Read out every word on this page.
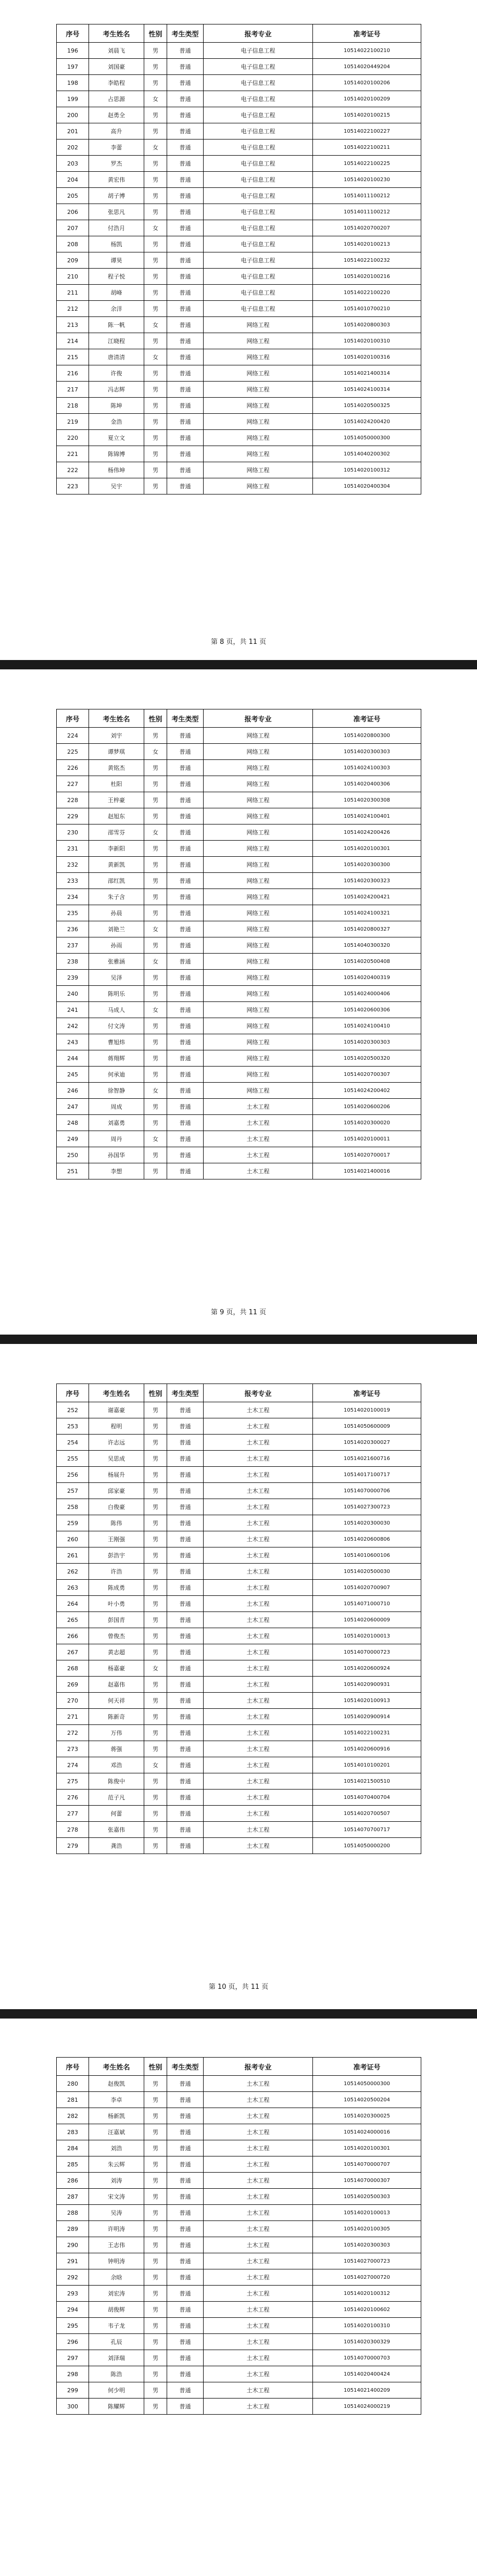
序号	考生姓名	性别	考生类型	报考专业	准考证号
196	刘晨飞	男	普通	电子信息工程	10514022100210
197	刘国豪	男	普通	电子信息工程	10514020449204
198	李皓程	男	普通	电子信息工程	10514020100206
199	占思源	女	普通	电子信息工程	10514020100209
200	赵勇全	男	普通	电子信息工程	10514020100215
201	高升	男	普通	电子信息工程	10514022100227
202	李蕾	女	普通	电子信息工程	10514022100211
203	罗杰	男	普通	电子信息工程	10514022100225
204	黄宏伟	男	普通	电子信息工程	10514020100230
205	胡子博	男	普通	电子信息工程	10514011100212
206	张思凡	男	普通	电子信息工程	10514011100212
207	付浩月	女	普通	电子信息工程	10514020700207
208	杨凯	男	普通	电子信息工程	10514020100213
209	谭昊	男	普通	电子信息工程	10514022100232
210	程子悦	男	普通	电子信息工程	10514020100216
211	胡峰	男	普通	电子信息工程	10514022100220
212	余洋	男	普通	电子信息工程	10514010700210
213	陈一帆	女	普通	网络工程	10514020800303
214	江晓程	男	普通	网络工程	10514020100310
215	唐清清	女	普通	网络工程	10514020100316
216	许俊	男	普通	网络工程	10514021400314
217	冯志辉	男	普通	网络工程	10514024100314
218	陈坤	男	普通	网络工程	10514020500325
219	金浩	男	普通	网络工程	10514024200420
220	夏立文	男	普通	网络工程	10514050000300
221	陈锦博	男	普通	网络工程	10514040200302
222	杨伟坤	男	普通	网络工程	10514020100312
223	吴宇	男	普通	网络工程	10514020400304
第 8 页，共 11 页
序号	考生姓名	性别	考生类型	报考专业	准考证号
224	刘宇	男	普通	网络工程	10514020800300
225	谭梦琪	女	普通	网络工程	10514020300303
226	黄铭杰	男	普通	网络工程	10514024100303
227	杜阳	男	普通	网络工程	10514020400306
228	王梓豪	男	普通	网络工程	10514020300308
229	赵旭东	男	普通	网络工程	10514024100401
230	邵雪芬	女	普通	网络工程	10514024200426
231	李新阳	男	普通	网络工程	10514020100301
232	黄新凯	男	普通	网络工程	10514020300300
233	邵红凯	男	普通	网络工程	10514020300323
234	朱子含	男	普通	网络工程	10514024200421
235	孙晨	男	普通	网络工程	10514024100321
236	刘艳兰	女	普通	网络工程	10514020800327
237	孙雨	男	普通	网络工程	10514040300320
238	张雅涵	女	普通	网络工程	10514020500408
239	吴泽	男	普通	网络工程	10514020400319
240	陈明乐	男	普通	网络工程	10514024000406
241	马成人	女	普通	网络工程	10514020600306
242	付文涛	男	普通	网络工程	10514024100410
243	曹旭炜	男	普通	网络工程	10514020300303
244	蒋翔辉	男	普通	网络工程	10514020500320
245	何承迪	男	普通	网络工程	10514020700307
246	徐智静	女	普通	网络工程	10514024200402
247	周成	男	普通	土木工程	10514020600206
248	刘嘉勇	男	普通	土木工程	10514020300020
249	周丹	女	普通	土木工程	10514020100011
250	孙国华	男	普通	土木工程	10514020700017
251	李想	男	普通	土木工程	10514021400016
第 9 页，共 11 页
序号	考生姓名	性别	考生类型	报考专业	准考证号
252	谢嘉豪	男	普通	土木工程	10514020100019
253	程明	男	普通	土木工程	10514050600009
254	许志远	男	普通	土木工程	10514020300027
255	吴思成	男	普通	土木工程	10514021600716
256	杨展升	男	普通	土木工程	10514017100717
257	邱家豪	男	普通	土木工程	10514070000706
258	白俊豪	男	普通	土木工程	10514027300723
259	陈伟	男	普通	土木工程	10514020300030
260	王刚强	男	普通	土木工程	10514020600806
261	彭浩宇	男	普通	土木工程	10514010600106
262	许浩	男	普通	土木工程	10514020500030
263	陈成勇	男	普通	土木工程	10514020700907
264	叶小勇	男	普通	土木工程	10514071000710
265	彭国青	男	普通	土木工程	10514020600009
266	曾俊杰	男	普通	土木工程	10514020100013
267	黄志超	男	普通	土木工程	10514070000723
268	杨嘉豪	女	普通	土木工程	10514020600924
269	赵嘉伟	男	普通	土木工程	10514020900931
270	何天祥	男	普通	土木工程	10514020100913
271	陈新奇	男	普通	土木工程	10514020900914
272	万伟	男	普通	土木工程	10514022100231
273	蒋强	男	普通	土木工程	10514020600916
274	邓浩	女	普通	土木工程	10514010100201
275	陈俊中	男	普通	土木工程	10514021500510
276	范子凡	男	普通	土木工程	10514070400704
277	何蕾	男	普通	土木工程	10514020700507
278	张嘉伟	男	普通	土木工程	10514070700717
279	龚浩	男	普通	土木工程	10514050000200
第 10 页，共 11 页
序号	考生姓名	性别	考生类型	报考专业	准考证号
280	赵俊凯	男	普通	土木工程	10514050000300
281	李卓	男	普通	土木工程	10514020500204
282	杨新凯	男	普通	土木工程	10514020300025
283	汪嘉斌	男	普通	土木工程	10514024000016
284	刘浩	男	普通	土木工程	10514020100301
285	朱云辉	男	普通	土木工程	10514070000707
286	刘涛	男	普通	土木工程	10514070000307
287	宋文涛	男	普通	土木工程	10514020500303
288	吴涛	男	普通	土木工程	10514020100013
289	许明涛	男	普通	土木工程	10514020100305
290	王志伟	男	普通	土木工程	10514020300303
291	钟明涛	男	普通	土木工程	10514027000723
292	余晗	男	普通	土木工程	10514027000720
293	刘宏涛	男	普通	土木工程	10514020100312
294	胡俊辉	男	普通	土木工程	10514020100602
295	韦子龙	男	普通	土木工程	10514020100310
296	孔辰	男	普通	土木工程	10514020300329
297	刘泽瑞	男	普通	土木工程	10514070000703
298	陈浩	男	普通	土木工程	10514020400424
299	何少明	男	普通	土木工程	10514021400209
300	陈耀辉	男	普通	土木工程	10514024000219
